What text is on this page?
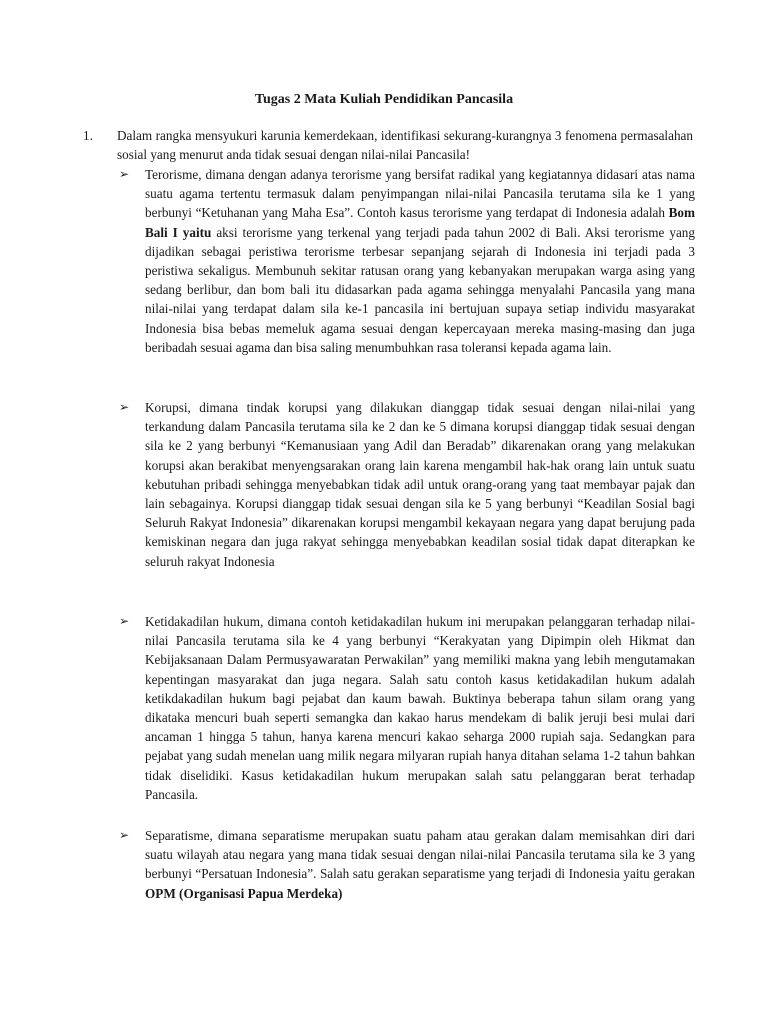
Tugas 2 Mata Kuliah Pendidikan Pancasila
1. Dalam rangka mensyukuri karunia kemerdekaan, identifikasi sekurang-kurangnya 3 fenomena permasalahan sosial yang menurut anda tidak sesuai dengan nilai-nilai Pancasila!
➢ Terorisme, dimana dengan adanya terorisme yang bersifat radikal yang kegiatannya didasari atas nama suatu agama tertentu termasuk dalam penyimpangan nilai-nilai Pancasila terutama sila ke 1 yang berbunyi “Ketuhanan yang Maha Esa”. Contoh kasus terorisme yang terdapat di Indonesia adalah Bom Bali I yaitu aksi terorisme yang terkenal yang terjadi pada tahun 2002 di Bali. Aksi terorisme yang dijadikan sebagai peristiwa terorisme terbesar sepanjang sejarah di Indonesia ini terjadi pada 3 peristiwa sekaligus. Membunuh sekitar ratusan orang yang kebanyakan merupakan warga asing yang sedang berlibur, dan bom bali itu didasarkan pada agama sehingga menyalahi Pancasila yang mana nilai-nilai yang terdapat dalam sila ke-1 pancasila ini bertujuan supaya setiap individu masyarakat Indonesia bisa bebas memeluk agama sesuai dengan kepercayaan mereka masing-masing dan juga beribadah sesuai agama dan bisa saling menumbuhkan rasa toleransi kepada agama lain.
➢ Korupsi, dimana tindak korupsi yang dilakukan dianggap tidak sesuai dengan nilai-nilai yang terkandung dalam Pancasila terutama sila ke 2 dan ke 5 dimana korupsi dianggap tidak sesuai dengan sila ke 2 yang berbunyi “Kemanusiaan yang Adil dan Beradab” dikarenakan orang yang melakukan korupsi akan berakibat menyengsarakan orang lain karena mengambil hak-hak orang lain untuk suatu kebutuhan pribadi sehingga menyebabkan tidak adil untuk orang-orang yang taat membayar pajak dan lain sebagainya. Korupsi dianggap tidak sesuai dengan sila ke 5 yang berbunyi “Keadilan Sosial bagi Seluruh Rakyat Indonesia” dikarenakan korupsi mengambil kekayaan negara yang dapat berujung pada kemiskinan negara dan juga rakyat sehingga menyebabkan keadilan sosial tidak dapat diterapkan ke seluruh rakyat Indonesia
➢ Ketidakadilan hukum, dimana contoh ketidakadilan hukum ini merupakan pelanggaran terhadap nilai-nilai Pancasila terutama sila ke 4 yang berbunyi “Kerakyatan yang Dipimpin oleh Hikmat dan Kebijaksanaan Dalam Permusyawaratan Perwakilan” yang memiliki makna yang lebih mengutamakan kepentingan masyarakat dan juga negara. Salah satu contoh kasus ketidakadilan hukum adalah ketikdakadilan hukum bagi pejabat dan kaum bawah. Buktinya beberapa tahun silam orang yang dikataka mencuri buah seperti semangka dan kakao harus mendekam di balik jeruji besi mulai dari ancaman 1 hingga 5 tahun, hanya karena mencuri kakao seharga 2000 rupiah saja. Sedangkan para pejabat yang sudah menelan uang milik negara milyaran rupiah hanya ditahan selama 1-2 tahun bahkan tidak diselidiki. Kasus ketidakadilan hukum merupakan salah satu pelanggaran berat terhadap Pancasila.
➢ Separatisme, dimana separatisme merupakan suatu paham atau gerakan dalam memisahkan diri dari suatu wilayah atau negara yang mana tidak sesuai dengan nilai-nilai Pancasila terutama sila ke 3 yang berbunyi “Persatuan Indonesia”. Salah satu gerakan separatisme yang terjadi di Indonesia yaitu gerakan OPM (Organisasi Papua Merdeka)
